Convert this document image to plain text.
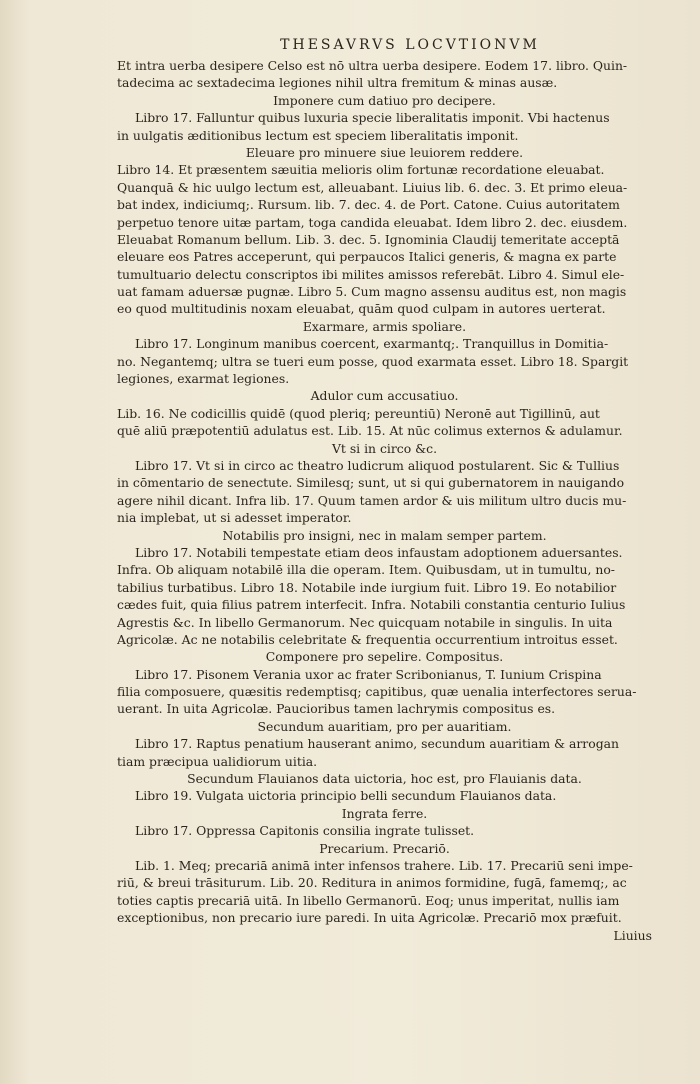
THESAVRVS LOCVTIONVM
Et intra uerba desipere Celso est nō ultra uerba desipere. Eodem 17. libro. Quin-
tadecima ac sextadecima legiones nihil ultra fremitum & minas ausæ.
Imponere cum datiuo pro decipere.
Libro 17. Falluntur quibus luxuria specie liberalitatis imponit. Vbi hactenus
in uulgatis æditionibus lectum est speciem liberalitatis imponit.
Eleuare pro minuere siue leuiorem reddere.
Libro 14. Et præsentem sæuitia melioris olim fortunæ recordatione eleuabat.
Quanquā & hic uulgo lectum est, alleuabant. Liuius lib. 6. dec. 3. Et primo eleua-
bat index, indiciumq;. Rursum. lib. 7. dec. 4. de Port. Catone. Cuius autoritatem
perpetuo tenore uitæ partam, toga candida eleuabat. Idem libro 2. dec. eiusdem.
Eleuabat Romanum bellum. Lib. 3. dec. 5. Ignominia Claudij temeritate acceptā
eleuare eos Patres acceperunt, qui perpaucos Italici generis, & magna ex parte
tumultuario delectu conscriptos ibi milites amissos referebāt. Libro 4. Simul ele-
uat famam aduersæ pugnæ. Libro 5. Cum magno assensu auditus est, non magis
eo quod multitudinis noxam eleuabat, quām quod culpam in autores uerterat.
Exarmare, armis spoliare.
Libro 17. Longinum manibus coercent, exarmantq;. Tranquillus in Domitia-
no. Negantemq; ultra se tueri eum posse, quod exarmata esset. Libro 18. Spargit
legiones, exarmat legiones.
Adulor cum accusatiuo.
Lib. 16. Ne codicillis quidē (quod pleriq; pereuntiū) Neronē aut Tigillinū, aut
quē aliū præpotentiū adulatus est. Lib. 15. At nūc colimus externos & adulamur.
Vt si in circo &c.
Libro 17. Vt si in circo ac theatro ludicrum aliquod postularent. Sic & Tullius
in cōmentario de senectute. Similesq; sunt, ut si qui gubernatorem in nauigando
agere nihil dicant. Infra lib. 17. Quum tamen ardor & uis militum ultro ducis mu-
nia implebat, ut si adesset imperator.
Notabilis pro insigni, nec in malam semper partem.
Libro 17. Notabili tempestate etiam deos infaustam adoptionem aduersantes.
Infra. Ob aliquam notabilē illa die operam. Item. Quibusdam, ut in tumultu, no-
tabilius turbatibus. Libro 18. Notabile inde iurgium fuit. Libro 19. Eo notabilior
cædes fuit, quia filius patrem interfecit. Infra. Notabili constantia centurio Iulius
Agrestis &c. In libello Germanorum. Nec quicquam notabile in singulis. In uita
Agricolæ. Ac ne notabilis celebritate & frequentia occurrentium introitus esset.
Componere pro sepelire. Compositus.
Libro 17. Pisonem Verania uxor ac frater Scribonianus, T. Iunium Crispina
filia composuere, quæsitis redemptisq; capitibus, quæ uenalia interfectores serua-
uerant. In uita Agricolæ. Paucioribus tamen lachrymis compositus es.
Secundum auaritiam, pro per auaritiam.
Libro 17. Raptus penatium hauserant animo, secundum auaritiam & arrogan
tiam præcipua ualidiorum uitia.
Secundum Flauianos data uictoria, hoc est, pro Flauianis data.
Libro 19. Vulgata uictoria principio belli secundum Flauianos data.
Ingrata ferre.
Libro 17. Oppressa Capitonis consilia ingrate tulisset.
Precarium. Precariō.
Lib. 1. Meq; precariā animā inter infensos trahere. Lib. 17. Precariū seni impe-
riū, & breui trāsiturum. Lib. 20. Reditura in animos formidine, fugā, famemq;, ac
toties captis precariā uitā. In libello Germanorū. Eoq; unus imperitat, nullis iam
exceptionibus, non precario iure paredi. In uita Agricolæ. Precariō mox præfuit.
Liuius
